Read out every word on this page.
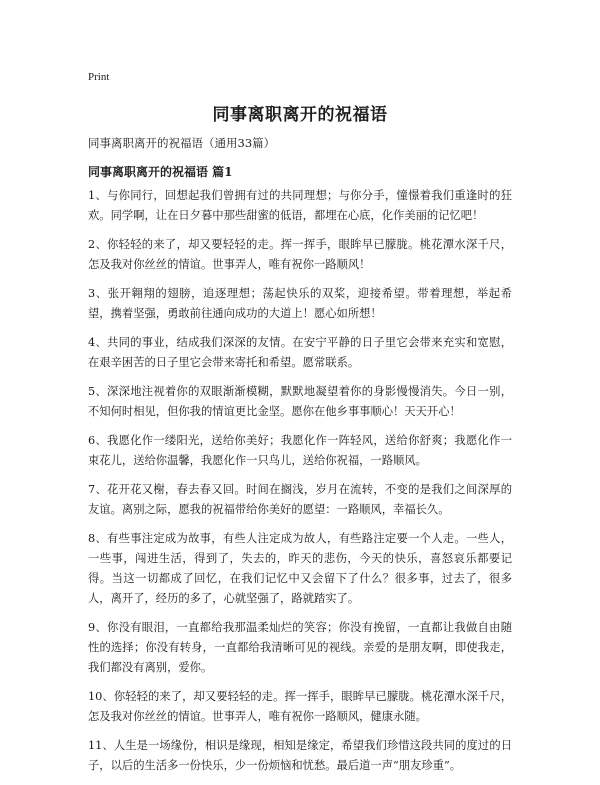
Print
同事离职离开的祝福语
同事离职离开的祝福语（通用33篇）
同事离职离开的祝福语 篇1

1、与你同行，回想起我们曾拥有过的共同理想；与你分手，憧憬着我们重逢时的狂欢。同学啊，让在日夕暮中那些甜蜜的低语，都埋在心底，化作美丽的记忆吧！

2、你轻轻的来了，却又要轻轻的走。挥一挥手，眼眸早已朦胧。桃花潭水深千尺，怎及我对你丝丝的情谊。世事弄人，唯有祝你一路顺风！

3、张开翱翔的翅膀，追逐理想；荡起快乐的双桨，迎接希望。带着理想，举起希望，携着坚强，勇敢前往通向成功的大道上！愿心如所想！

4、共同的事业，结成我们深深的友情。在安宁平静的日子里它会带来充实和宽慰，在艰辛困苦的日子里它会带来寄托和希望。愿常联系。

5、深深地注视着你的双眼渐渐模糊，默默地凝望着你的身影慢慢消失。今日一别，不知何时相见，但你我的情谊更比金坚。愿你在他乡事事顺心！天天开心！

6、我愿化作一缕阳光，送给你美好；我愿化作一阵轻风，送给你舒爽；我愿化作一束花儿，送给你温馨，我愿化作一只鸟儿，送给你祝福，一路顺风。

7、花开花又榭，春去春又回。时间在搁浅，岁月在流转，不变的是我们之间深厚的友谊。离别之际，愿我的祝福带给你美好的愿望：一路顺风，幸福长久。

8、有些事注定成为故事，有些人注定成为故人，有些路注定要一个人走。一些人，一些事，闯进生活，得到了，失去的，昨天的悲伤，今天的快乐，喜怒哀乐都要记得。当这一切都成了回忆，在我们记忆中又会留下了什么？很多事，过去了，很多人，离开了，经历的多了，心就坚强了，路就踏实了。

9、你没有眼泪，一直都给我那温柔灿烂的笑容；你没有挽留，一直都让我做自由随性的选择；你没有转身，一直都给我清晰可见的视线。亲爱的是朋友啊，即使我走，我们都没有离别，爱你。

10、你轻轻的来了，却又要轻轻的走。挥一挥手，眼眸早已朦胧。桃花潭水深千尺，怎及我对你丝丝的情谊。世事弄人，唯有祝你一路顺风，健康永随。

11、人生是一场缘份，相识是缘现，相知是缘定，希望我们珍惜这段共同的度过的日子，以后的生活多一份快乐，少一份烦恼和忧愁。最后道一声“朋友珍重”。
